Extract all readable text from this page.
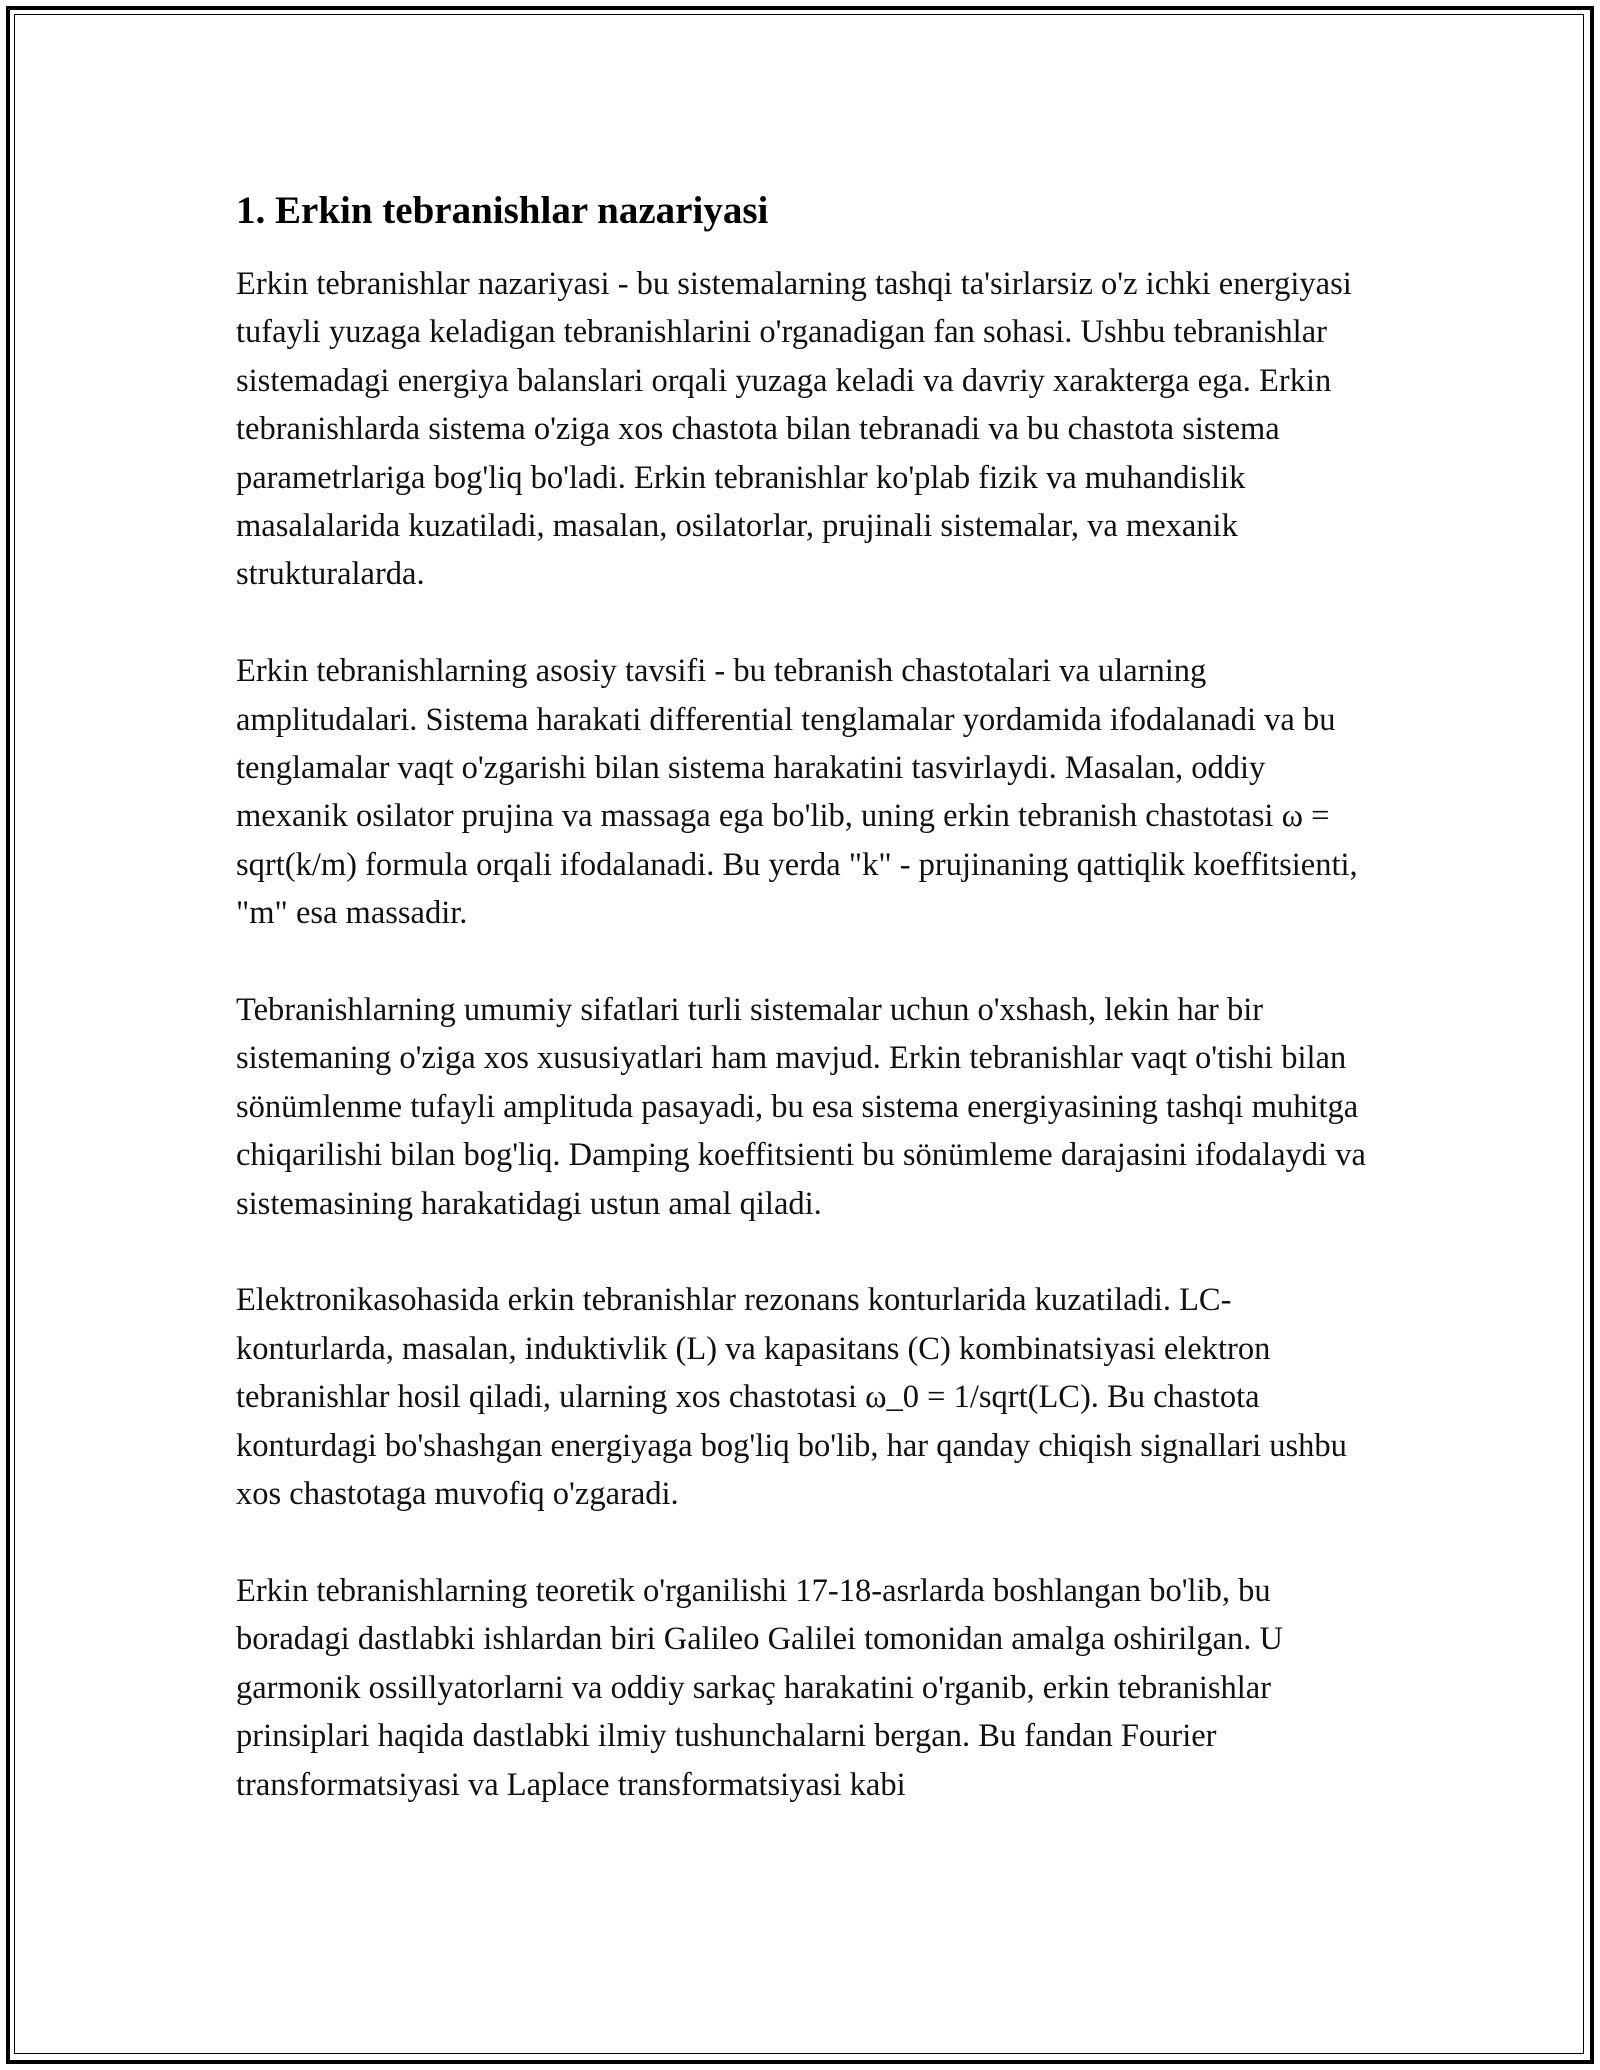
1. Erkin tebranishlar nazariyasi

Erkin tebranishlar nazariyasi - bu sistemalarning tashqi ta'sirlarsiz o'z ichki energiyasi tufayli yuzaga keladigan tebranishlarini o'rganadigan fan sohasi. Ushbu tebranishlar sistemadagi energiya balanslari orqali yuzaga keladi va davriy xarakterga ega. Erkin tebranishlarda sistema o'ziga xos chastota bilan tebranadi va bu chastota sistema parametrlariga bog'liq bo'ladi. Erkin tebranishlar ko'plab fizik va muhandislik masalalarida kuzatiladi, masalan, osilatorlar, prujinali sistemalar, va mexanik strukturalarda.

Erkin tebranishlarning asosiy tavsifi - bu tebranish chastotalari va ularning amplitudalari. Sistema harakati differential tenglamalar yordamida ifodalanadi va bu tenglamalar vaqt o'zgarishi bilan sistema harakatini tasvirlaydi. Masalan, oddiy mexanik osilator prujina va massaga ega bo'lib, uning erkin tebranish chastotasi ω = sqrt(k/m) formula orqali ifodalanadi. Bu yerda "k" - prujinaning qattiqlik koeffitsienti, "m" esa massadir.

Tebranishlarning umumiy sifatlari turli sistemalar uchun o'xshash, lekin har bir sistemaning o'ziga xos xususiyatlari ham mavjud. Erkin tebranishlar vaqt o'tishi bilan sönümlenme tufayli amplituda pasayadi, bu esa sistema energiyasining tashqi muhitga chiqarilishi bilan bog'liq. Damping koeffitsienti bu sönümleme darajasini ifodalaydi va sistemasining harakatidagi ustun amal qiladi.

Elektronikasohasida erkin tebranishlar rezonans konturlarida kuzatiladi. LC-konturlarda, masalan, induktivlik (L) va kapasitans (C) kombinatsiyasi elektron tebranishlar hosil qiladi, ularning xos chastotasi ω_0 = 1/sqrt(LC). Bu chastota konturdagi bo'shashgan energiyaga bog'liq bo'lib, har qanday chiqish signallari ushbu xos chastotaga muvofiq o'zgaradi.

Erkin tebranishlarning teoretik o'rganilishi 17-18-asrlarda boshlangan bo'lib, bu boradagi dastlabki ishlardan biri Galileo Galilei tomonidan amalga oshirilgan. U garmonik ossillyatorlarni va oddiy sarkaç harakatini o'rganib, erkin tebranishlar prinsiplari haqida dastlabki ilmiy tushunchalarni bergan. Bu fandan Fourier transformatsiyasi va Laplace transformatsiyasi kabi
